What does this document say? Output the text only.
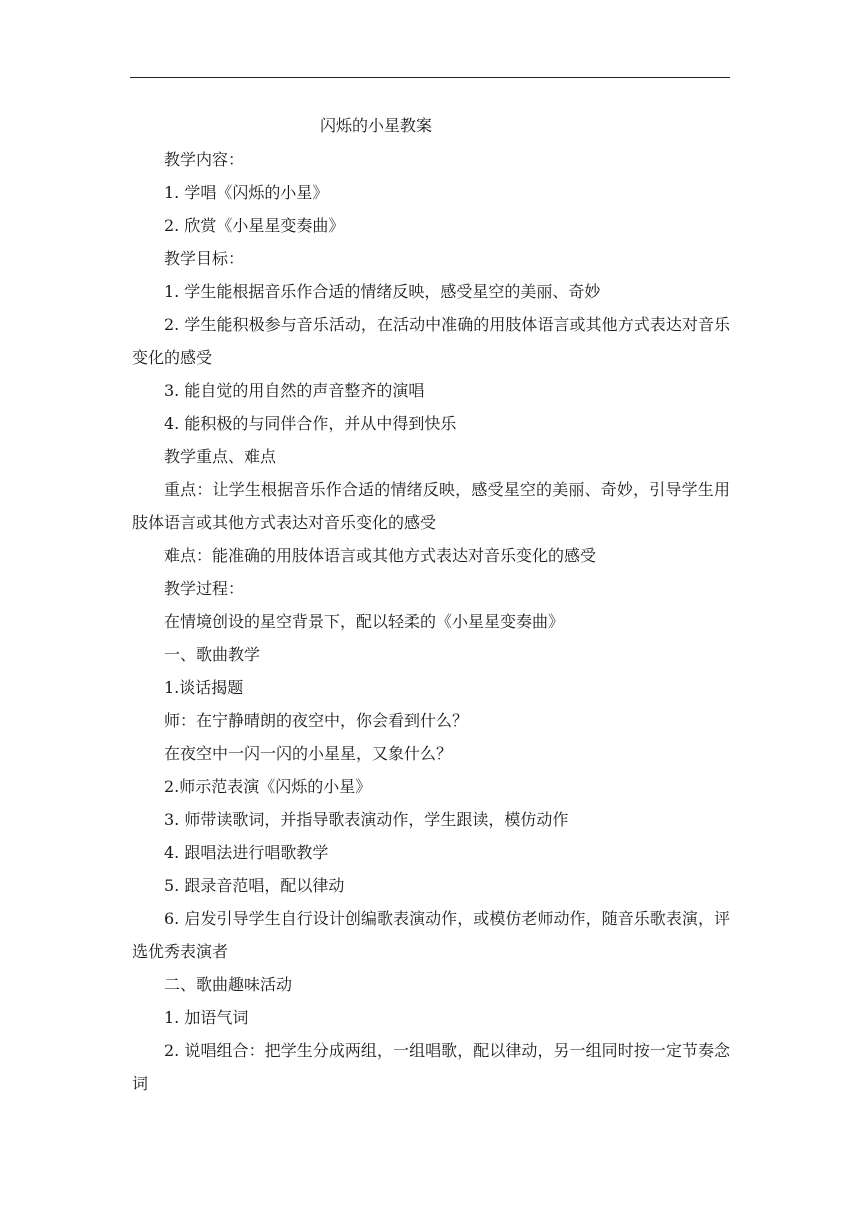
闪烁的小星教案

教学内容：

1. 学唱《闪烁的小星》

2. 欣赏《小星星变奏曲》

教学目标：

1. 学生能根据音乐作合适的情绪反映，感受星空的美丽、奇妙

2. 学生能积极参与音乐活动，在活动中准确的用肢体语言或其他方式表达对音乐变化的感受

3. 能自觉的用自然的声音整齐的演唱

4. 能积极的与同伴合作，并从中得到快乐

教学重点、难点

重点：让学生根据音乐作合适的情绪反映，感受星空的美丽、奇妙，引导学生用肢体语言或其他方式表达对音乐变化的感受

难点：能准确的用肢体语言或其他方式表达对音乐变化的感受

教学过程：

在情境创设的星空背景下，配以轻柔的《小星星变奏曲》

一、歌曲教学

1.谈话揭题

师：在宁静晴朗的夜空中，你会看到什么？

在夜空中一闪一闪的小星星，又象什么？

2.师示范表演《闪烁的小星》

3. 师带读歌词，并指导歌表演动作，学生跟读，模仿动作

4. 跟唱法进行唱歌教学

5. 跟录音范唱，配以律动

6. 启发引导学生自行设计创编歌表演动作，或模仿老师动作，随音乐歌表演，评选优秀表演者

二、歌曲趣味活动

1. 加语气词

2. 说唱组合：把学生分成两组，一组唱歌，配以律动，另一组同时按一定节奏念词
